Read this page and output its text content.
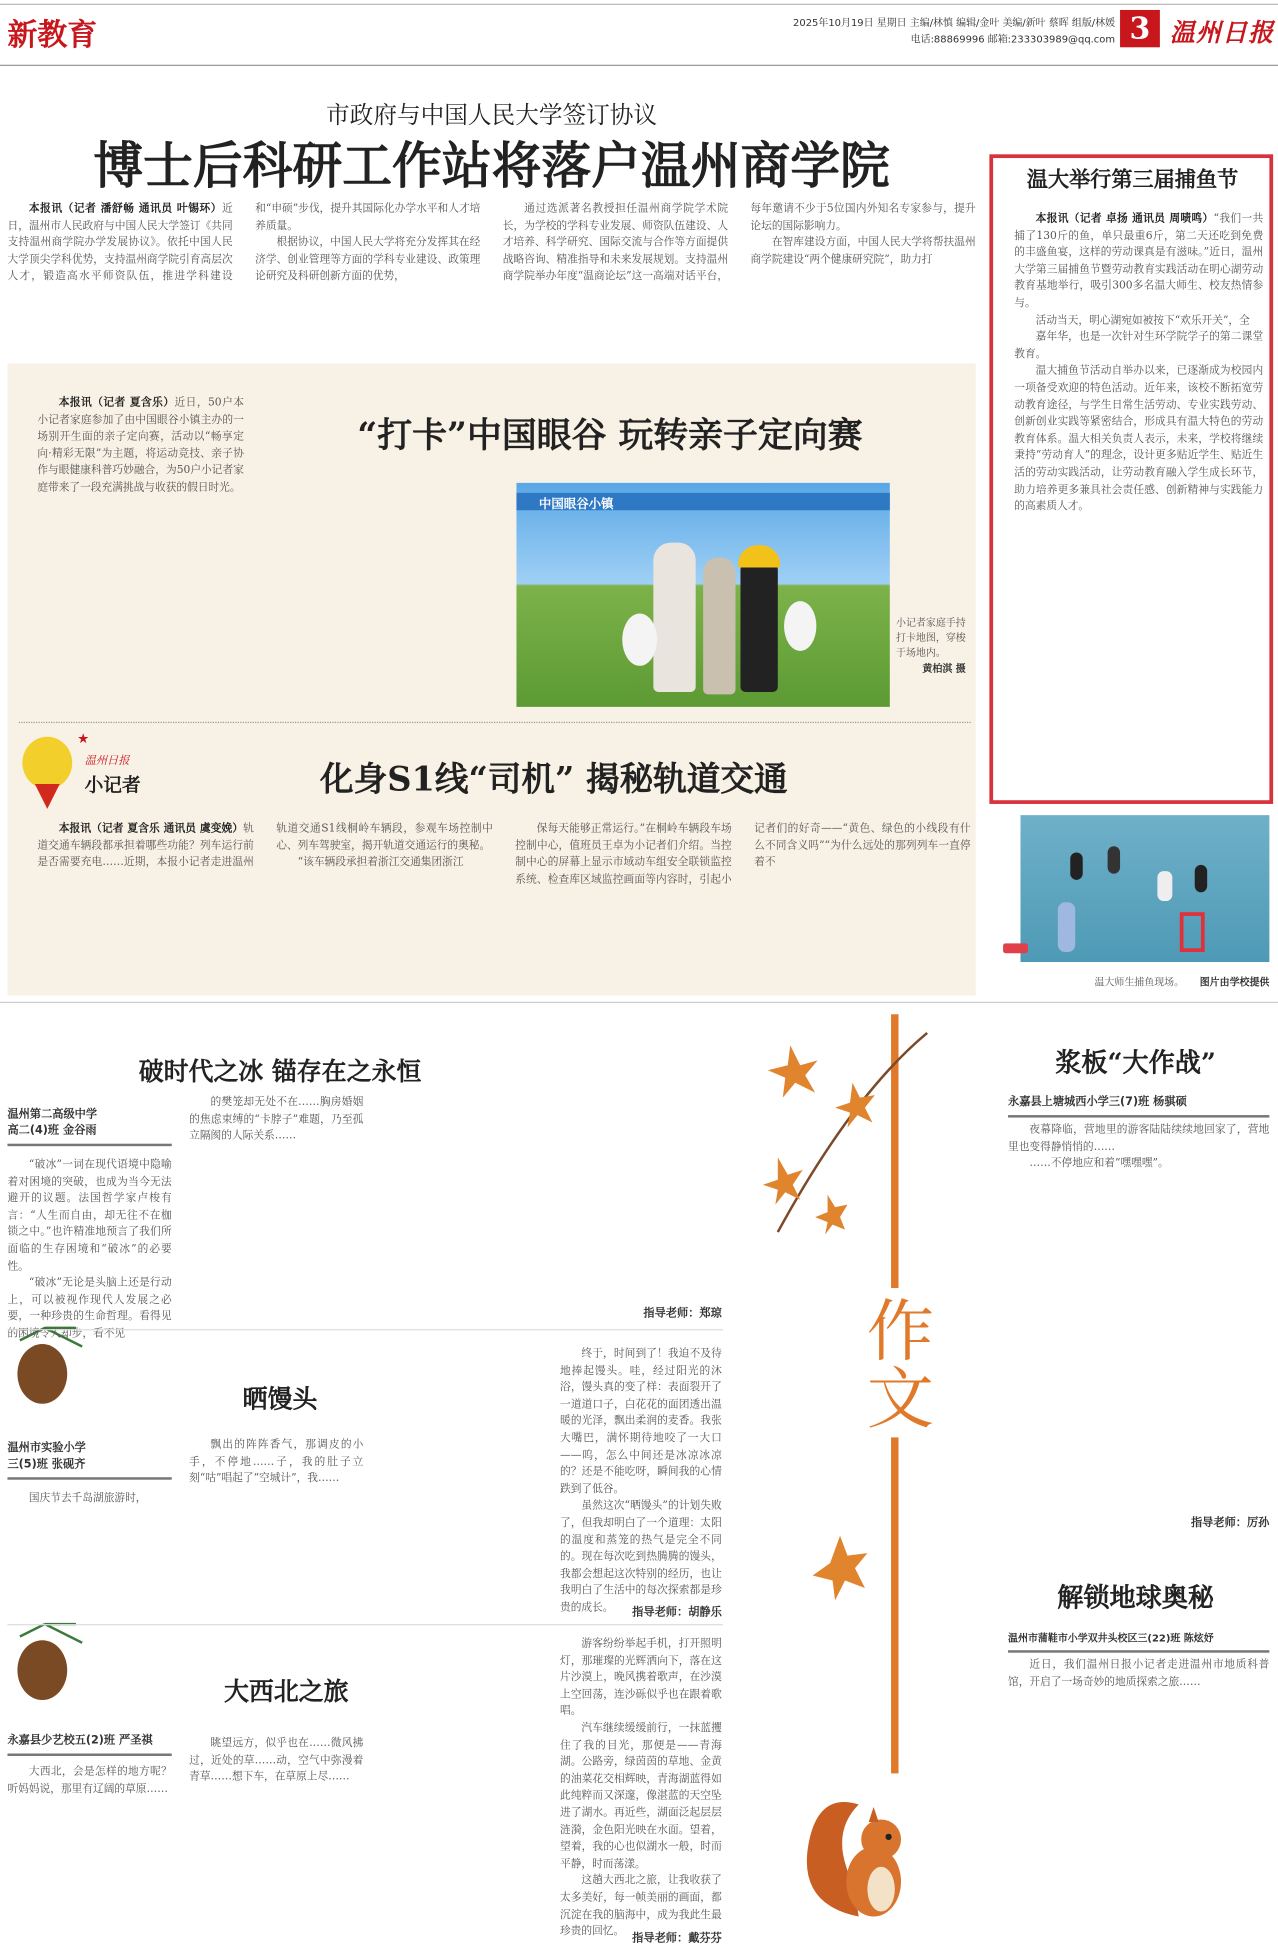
新教育	2025年10月19日 星期日 主编/林慎 编辑/金叶 美编/新叶 蔡晖 组版/林媛
电话:88869996 邮箱:233303989@qq.com 3 温州日报
市政府与中国人民大学签订协议
博士后科研工作站将落户温州商学院

本报讯（记者 潘舒畅 通讯员 叶锡环）近日，温州市人民政府与中国人民大学签订《共同支持温州商学院办学发展协议》。依托中国人民大学顶尖学科优势，支持温州商学院引育高层次人才，锻造高水平师资队伍，推进学科建设和“申硕”步伐，提升其国际化办学水平和人才培养质量。

根据协议，中国人民大学将充分发挥其在经济学、创业管理等方面的学科专业建设、政策理论研究及科研创新方面的优势，

通过选派著名教授担任温州商学院学术院长，为学校的学科专业发展、师资队伍建设、人才培养、科学研究、国际交流与合作等方面提供战略咨询、精准指导和未来发展规划。支持温州商学院举办年度“温商论坛”这一高端对话平台，每年邀请不少于5位国内外知名专家参与，提升论坛的国际影响力。

在智库建设方面，中国人民大学将帮扶温州商学院建设“两个健康研究院”，助力打

“打卡”中国眼谷 玩转亲子定向赛

本报讯（记者 夏含乐）近日，50户本小记者家庭参加了由中国眼谷小镇主办的一场别开生面的亲子定向赛，活动以“畅享定向·精彩无限”为主题，将运动竞技、亲子协作与眼健康科普巧妙融合，为50户小记者家庭带来了一段充满挑战与收获的假日时光。

中国眼谷小镇
小记者家庭手持打卡地图，穿梭于场地内。
黄柏淇 摄
★
温州日报
小记者	化身S1线“司机” 揭秘轨道交通

本报讯（记者 夏含乐 通讯员 虞变娩）轨道交通车辆段都承担着哪些功能？列车运行前是否需要充电……近期，本报小记者走进温州轨道交通S1线桐岭车辆段，参观车场控制中心、列车驾驶室，揭开轨道交通运行的奥秘。

“该车辆段承担着浙江交通集团浙江

保每天能够正常运行。”在桐岭车辆段车场控制中心，值班员王卓为小记者们介绍。当控制中心的屏幕上显示市域动车组安全联锁监控系统、检查库区域监控画面等内容时，引起小记者们的好奇——“黄色、绿色的小线段有什么不同含义吗”“为什么远处的那列列车一直停着不

温大举行第三届捕鱼节

本报讯（记者 卓扬 通讯员 周啧鸣）“我们一共捕了130斤的鱼，单只最重6斤，第二天还吃到免费的丰盛鱼宴，这样的劳动课真是有滋味。”近日，温州大学第三届捕鱼节暨劳动教育实践活动在明心湖劳动教育基地举行，吸引300多名温大师生、校友热情参与。

活动当天，明心湖宛如被按下“欢乐开关”，全

嘉年华，也是一次针对生环学院学子的第二课堂教育。

温大捕鱼节活动自举办以来，已逐渐成为校园内一项备受欢迎的特色活动。近年来，该校不断拓宽劳动教育途径，与学生日常生活劳动、专业实践劳动、创新创业实践等紧密结合，形成具有温大特色的劳动教育体系。温大相关负责人表示，未来，学校将继续秉持“劳动育人”的理念，设计更多贴近学生、贴近生活的劳动实践活动，让劳动教育融入学生成长环节，助力培养更多兼具社会责任感、创新精神与实践能力的高素质人才。

温大师生捕鱼现场。 图片由学校提供
作文
破时代之冰 锚存在之永恒
温州第二高级中学
高二(4)班 金谷雨

“破冰”一词在现代语境中隐喻着对困境的突破，也成为当今无法避开的议题。法国哲学家卢梭有言：“人生而自由，却无往不在枷锁之中。”也许精准地预言了我们所面临的生存困境和“破冰”的必要性。

“破冰”无论是头脑上还是行动上，可以被视作现代人发展之必要，一种珍贵的生命哲理。看得见的困境令人却步，看不见

的樊笼却无处不在……胸房婚姻的焦虑束缚的“卡脖子”难题，乃至孤立隔阂的人际关系……

指导老师：郑琼
晒馒头
温州市实验小学
三(5)班 张砚齐

国庆节去千岛湖旅游时，

飘出的阵阵香气，那调皮的小手，不停地……子，我的肚子立刻“咕”唱起了“空城计”，我……

终于，时间到了！我迫不及待地捧起馒头。哇，经过阳光的沐浴，馒头真的变了样：表面裂开了一道道口子，白花花的面团透出温暖的光泽，飘出柔润的麦香。我张大嘴巴，满怀期待地咬了一大口——呜，怎么中间还是冰凉冰凉的？还是不能吃呀，瞬间我的心情跌到了低谷。

虽然这次“晒馒头”的计划失败了，但我却明白了一个道理：太阳的温度和蒸笼的热气是完全不同的。现在每次吃到热腾腾的馒头，我都会想起这次特别的经历，也让我明白了生活中的每次探索都是珍贵的成长。	指导老师：胡静乐
大西北之旅
永嘉县少艺校五(2)班 严圣祺

大西北，会是怎样的地方呢？听妈妈说，那里有辽阔的草原……

眺望远方，似乎也在……微风拂过，近处的草……动，空气中弥漫着青草……想下车，在草原上尽……

游客纷纷举起手机，打开照明灯，那璀璨的光辉洒向下，落在这片沙漠上，晚风携着歌声，在沙漠上空回荡，连沙砾似乎也在跟着歌唱。

汽车继续缓缓前行，一抹蓝攫住了我的目光，那便是——青海湖。公路旁，绿茵茵的草地、金黄的油菜花交相辉映，青海湖蓝得如此纯粹而又深邃，像湛蓝的天空坠进了湖水。再近些，湖面泛起层层涟漪，金色阳光映在水面。望着，望着，我的心也似湖水一般，时而平静，时而荡漾。

这趟大西北之旅，让我收获了太多美好，每一帧美丽的画面，都沉淀在我的脑海中，成为我此生最珍贵的回忆。

指导老师：戴芬芬
浆板“大作战”
永嘉县上塘城西小学三(7)班 杨骐硕

夜幕降临，营地里的游客陆陆续续地回家了，营地里也变得静悄悄的……

……不停地应和着“嘿嘿嘿”。

指导老师：厉孙
解锁地球奥秘
温州市蒲鞋市小学双井头校区三(22)班 陈炫妤

近日，我们温州日报小记者走进温州市地质科普馆，开启了一场奇妙的地质探索之旅……
